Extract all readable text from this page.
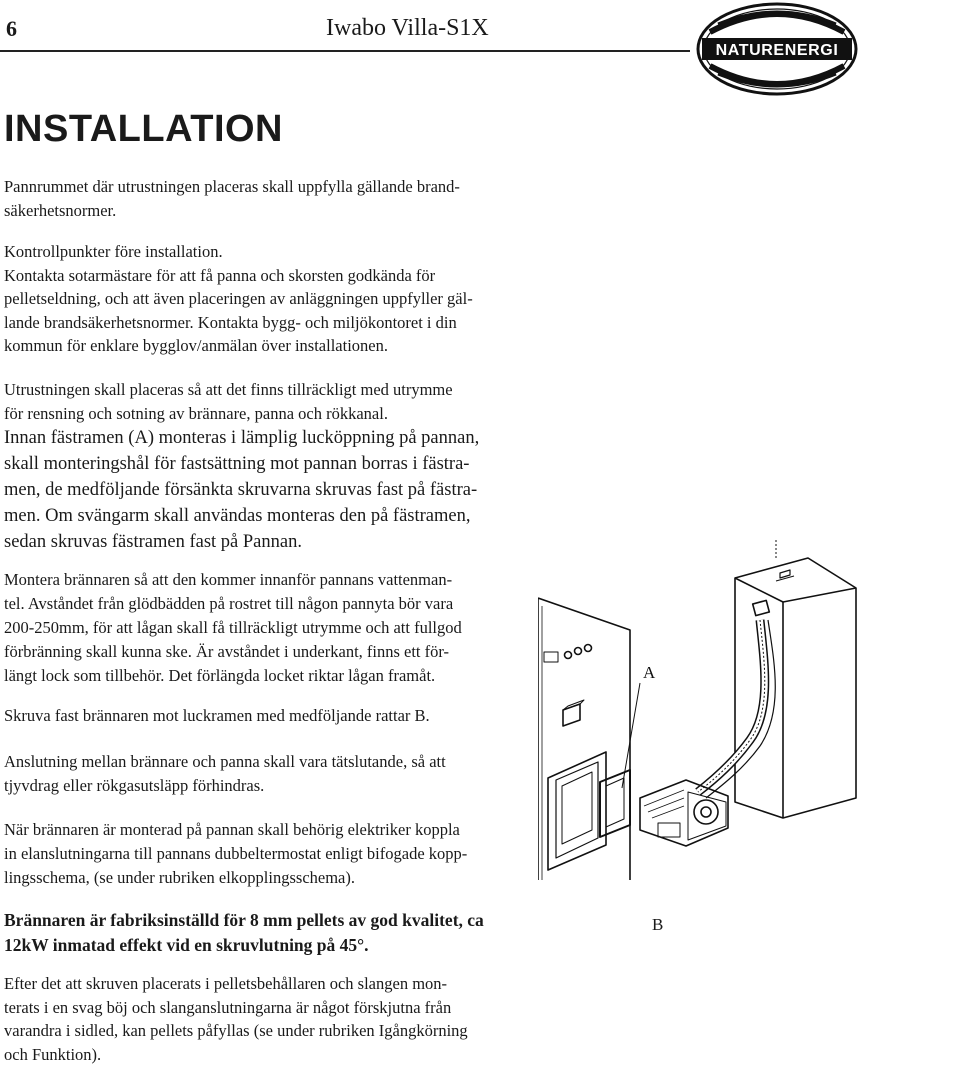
6	Iwabo Villa-S1X
NATURENERGI
INSTALLATION

Pannrummet där utrustningen placeras skall uppfylla gällande brand-
säkerhetsnormer.

Kontrollpunkter före installation.
Kontakta sotarmästare för att få panna och skorsten godkända för
pelletseldning, och att även placeringen av anläggningen uppfyller gäl-
lande brandsäkerhetsnormer. Kontakta bygg- och miljökontoret i din
kommun för enklare bygglov/anmälan över installationen.

Utrustningen skall placeras så att det finns tillräckligt med utrymme
för rensning och sotning av brännare, panna och rökkanal.

Innan fästramen (A) monteras i lämplig lucköppning på pannan,
skall monteringshål för fastsättning mot pannan borras i fästra-
men, de medföljande försänkta skruvarna skruvas fast på fästra-
men. Om svängarm skall användas monteras den på fästramen,
sedan skruvas fästramen fast på Pannan.

Montera brännaren så att den kommer innanför pannans vattenman-
tel. Avståndet från glödbädden på rostret till någon pannyta bör vara
200-250mm, för att lågan skall få tillräckligt utrymme och att fullgod
förbränning skall kunna ske. Är avståndet i underkant, finns ett för-
längt lock som tillbehör. Det förlängda locket riktar lågan framåt.

Skruva fast brännaren mot luckramen med medföljande rattar B.

Anslutning mellan brännare och panna skall vara tätslutande, så att
tjyvdrag eller rökgasutsläpp förhindras.

När brännaren är monterad på pannan skall behörig elektriker koppla
in elanslutningarna till pannans dubbeltermostat enligt bifogade kopp-
lingsschema, (se under rubriken elkopplingsschema).

Brännaren är fabriksinställd för 8 mm pellets av god kvalitet, ca
12kW inmatad effekt vid en skruvlutning på 45°.

Efter det att skruven placerats i pelletsbehållaren och slangen mon-
terats i en svag böj och slanganslutningarna är något förskjutna från
varandra i sidled, kan pellets påfyllas (se under rubriken Igångkörning
och Funktion).

A
B
